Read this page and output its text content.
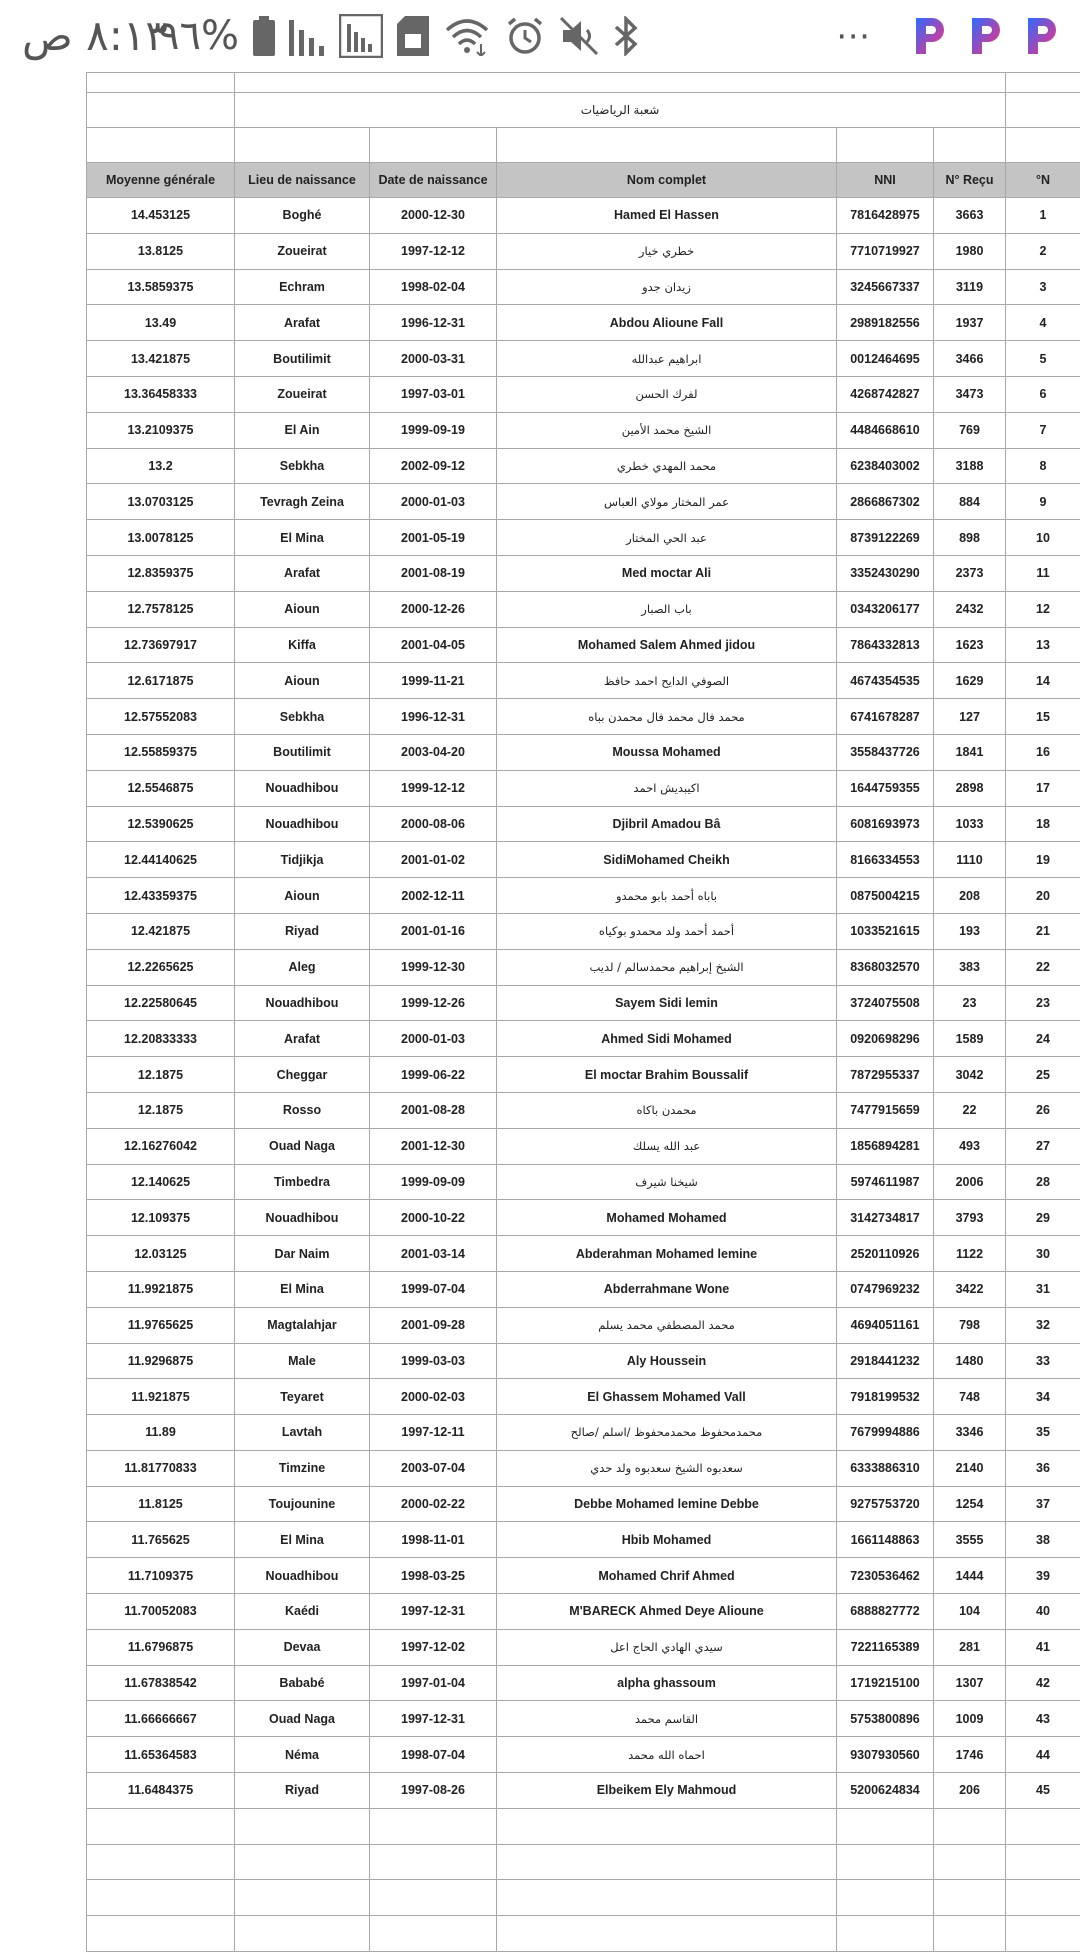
٨:١٣ ص
٩٦%	⋯

	شعبة الرياضيات					

Moyenne générale	Lieu de naissance	Date de naissance	Nom complet	NNI	N° Reçu	°N
14.453125	Boghé	2000-12-30	Hamed El Hassen	7816428975	3663	1
13.8125	Zoueirat	1997-12-12	خطري خيار	7710719927	1980	2
13.5859375	Echram	1998-02-04	زيدان جدو	3245667337	3119	3
13.49	Arafat	1996-12-31	Abdou Alioune Fall	2989182556	1937	4
13.421875	Boutilimit	2000-03-31	ابراهيم عبدالله	0012464695	3466	5
13.36458333	Zoueirat	1997-03-01	لفرك الحسن	4268742827	3473	6
13.2109375	El Ain	1999-09-19	الشيخ محمد الأمين	4484668610	769	7
13.2	Sebkha	2002-09-12	محمد المهدي خطري	6238403002	3188	8
13.0703125	Tevragh Zeina	2000-01-03	عمر المختار مولاي العباس	2866867302	884	9
13.0078125	El Mina	2001-05-19	عبد الحي المختار	8739122269	898	10
12.8359375	Arafat	2001-08-19	Med moctar Ali	3352430290	2373	11
12.7578125	Aioun	2000-12-26	باب الصبار	0343206177	2432	12
12.73697917	Kiffa	2001-04-05	Mohamed Salem Ahmed jidou	7864332813	1623	13
12.6171875	Aioun	1999-11-21	الصوفي الدايح احمد حافظ	4674354535	1629	14
12.57552083	Sebkha	1996-12-31	محمد فال محمد فال محمدن بباه	6741678287	127	15
12.55859375	Boutilimit	2003-04-20	Moussa Mohamed	3558437726	1841	16
12.5546875	Nouadhibou	1999-12-12	اكيبديش احمد	1644759355	2898	17
12.5390625	Nouadhibou	2000-08-06	Djibril Amadou Bâ	6081693973	1033	18
12.44140625	Tidjikja	2001-01-02	SidiMohamed Cheikh	8166334553	1110	19
12.43359375	Aioun	2002-12-11	باباه أحمد بابو محمدو	0875004215	208	20
12.421875	Riyad	2001-01-16	أحمد أحمد ولد محمدو بوكياه	1033521615	193	21
12.2265625	Aleg	1999-12-30	الشيخ إبراهيم محمدسالم / لديب	8368032570	383	22
12.22580645	Nouadhibou	1999-12-26	Sayem Sidi lemin	3724075508	23	23
12.20833333	Arafat	2000-01-03	Ahmed Sidi Mohamed	0920698296	1589	24
12.1875	Cheggar	1999-06-22	El moctar Brahim Boussalif	7872955337	3042	25
12.1875	Rosso	2001-08-28	محمدن باكاه	7477915659	22	26
12.16276042	Ouad Naga	2001-12-30	عبد الله يسلك	1856894281	493	27
12.140625	Timbedra	1999-09-09	شيخنا شيرف	5974611987	2006	28
12.109375	Nouadhibou	2000-10-22	Mohamed Mohamed	3142734817	3793	29
12.03125	Dar Naim	2001-03-14	Abderahman Mohamed lemine	2520110926	1122	30
11.9921875	El Mina	1999-07-04	Abderrahmane Wone	0747969232	3422	31
11.9765625	Magtalahjar	2001-09-28	محمد المصطفي محمد يسلم	4694051161	798	32
11.9296875	Male	1999-03-03	Aly Houssein	2918441232	1480	33
11.921875	Teyaret	2000-02-03	El Ghassem Mohamed Vall	7918199532	748	34
11.89	Lavtah	1997-12-11	محمدمحفوظ محمدمحفوظ /اسلم /صالح	7679994886	3346	35
11.81770833	Timzine	2003-07-04	سعدبوه الشيخ سعدبوه ولد حدي	6333886310	2140	36
11.8125	Toujounine	2000-02-22	Debbe Mohamed lemine Debbe	9275753720	1254	37
11.765625	El Mina	1998-11-01	Hbib Mohamed	1661148863	3555	38
11.7109375	Nouadhibou	1998-03-25	Mohamed Chrif Ahmed	7230536462	1444	39
11.70052083	Kaédi	1997-12-31	M'BARECK Ahmed Deye Alioune	6888827772	104	40
11.6796875	Devaa	1997-12-02	سيدي الهادي الحاج اعل	7221165389	281	41
11.67838542	Bababé	1997-01-04	alpha ghassoum	1719215100	1307	42
11.66666667	Ouad Naga	1997-12-31	القاسم محمد	5753800896	1009	43
11.65364583	Néma	1998-07-04	احماه الله محمد	9307930560	1746	44
11.6484375	Riyad	1997-08-26	Elbeikem Ely Mahmoud	5200624834	206	45
